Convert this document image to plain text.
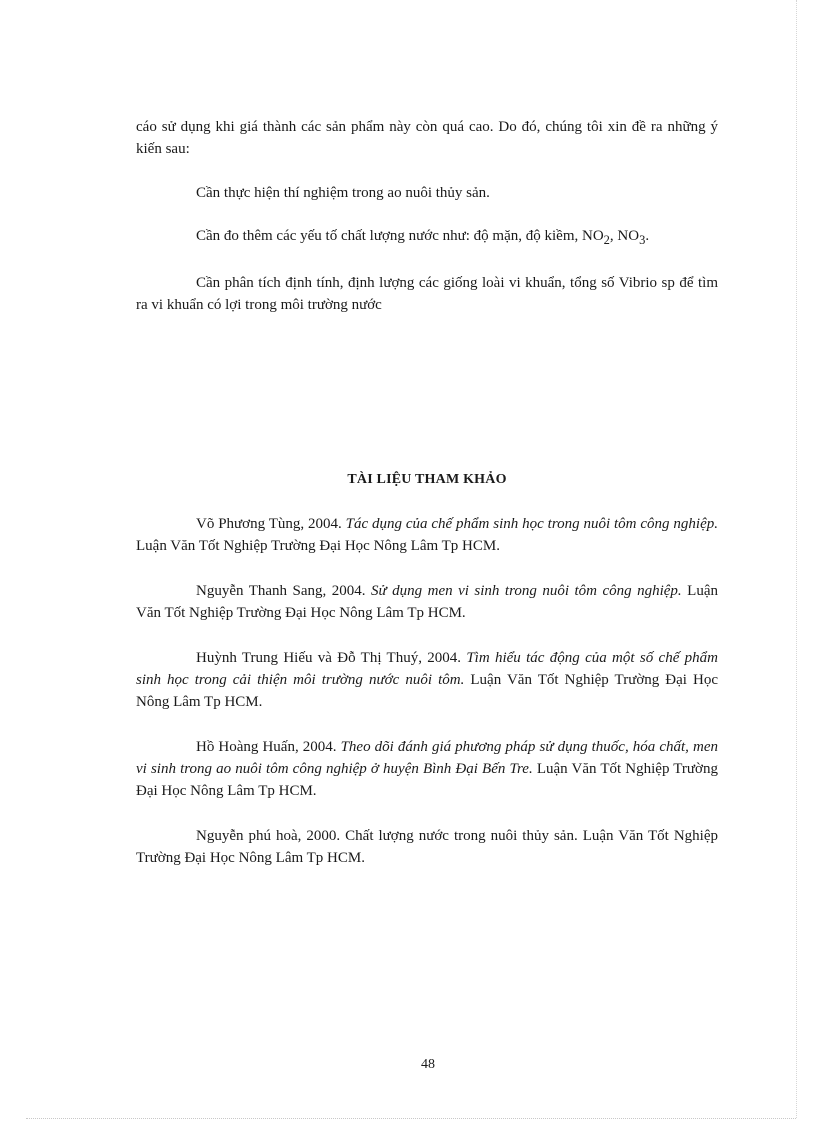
cáo sử dụng khi giá thành các sản phẩm này còn quá cao. Do đó, chúng tôi xin đề ra những ý kiến sau:

Cần thực hiện thí nghiệm trong ao nuôi thủy sản.

Cần đo thêm các yếu tố chất lượng nước như: độ mặn, độ kiềm, $NO_2$, $NO_3$.

Cần phân tích định tính, định lượng các giống loài vi khuẩn, tổng số Vibrio sp để tìm ra vi khuẩn có lợi trong môi trường nước

TÀI LIỆU THAM KHẢO

Võ Phương Tùng, 2004. Tác dụng của chế phẩm sinh học trong nuôi tôm công nghiệp. Luận Văn Tốt Nghiệp Trường Đại Học Nông Lâm Tp HCM.

Nguyễn Thanh Sang, 2004. Sử dụng men vi sinh trong nuôi tôm công nghiệp. Luận Văn Tốt Nghiệp Trường Đại Học Nông Lâm Tp HCM.

Huỳnh Trung Hiếu và Đỗ Thị Thuý, 2004. Tìm hiểu tác động của một số chế phẩm sinh học trong cải thiện môi trường nước nuôi tôm. Luận Văn Tốt Nghiệp Trường Đại Học Nông Lâm Tp HCM.

Hồ Hoàng Huấn, 2004. Theo dõi đánh giá phương pháp sử dụng thuốc, hóa chất, men vi sinh trong ao nuôi tôm công nghiệp ở huyện Bình Đại Bến Tre. Luận Văn Tốt Nghiệp Trường Đại Học Nông Lâm Tp HCM.

Nguyễn phú hoà, 2000. Chất lượng nước trong nuôi thủy sản. Luận Văn Tốt Nghiệp Trường Đại Học Nông Lâm Tp HCM.

48
